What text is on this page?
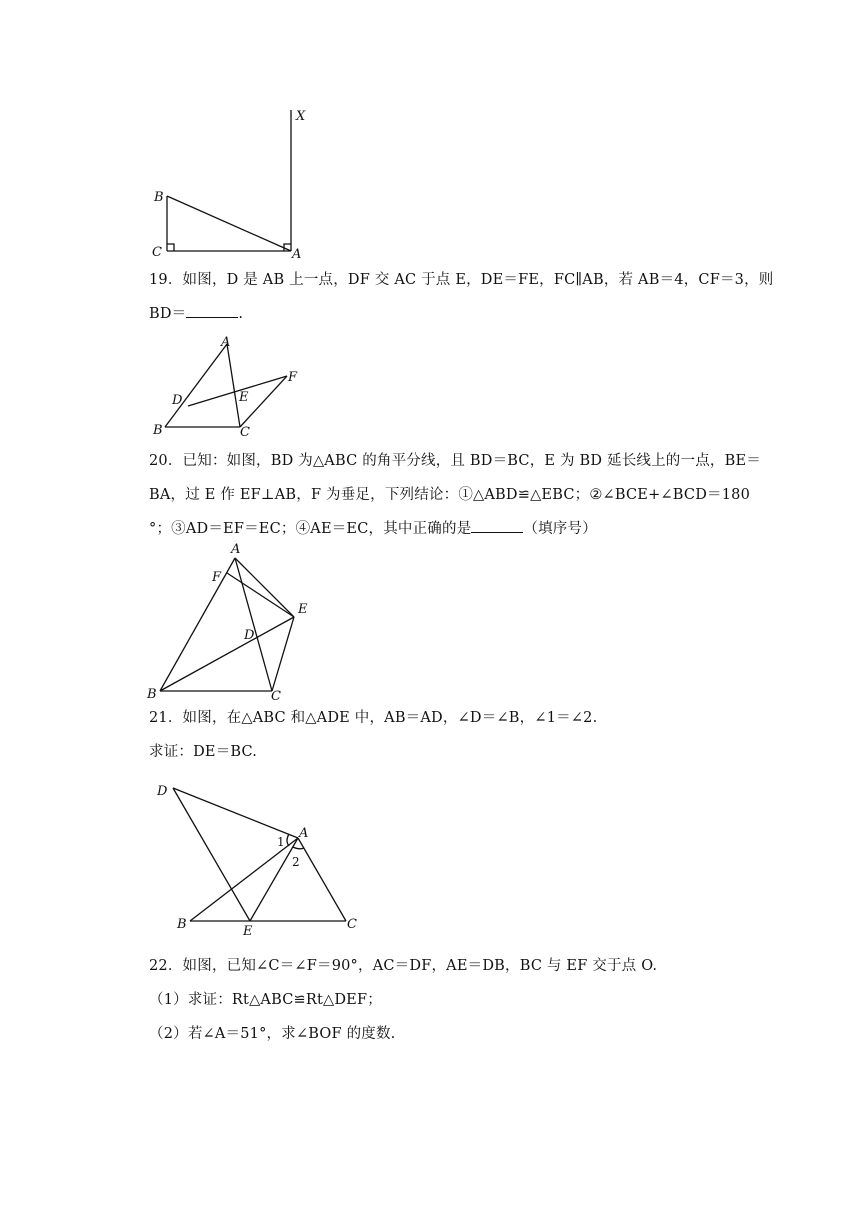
X
B
C	A
19．如图，D 是 AB 上一点，DF 交 AC 于点 E，DE＝FE，FC∥AB，若 AB＝4，CF＝3，则
BD＝	.
A
D	E
F
B	C
20．已知：如图，BD 为△ABC 的角平分线，且 BD＝BC，E 为 BD 延长线上的一点，BE＝
BA，过 E 作 EF⊥AB，F 为垂足，下列结论：①△ABD≌△EBC；②∠BCE+∠BCD＝180
°；③AD＝EF＝EC；④AE＝EC，其中正确的是	（填序号）
A
F
E
D
B	C
21．如图，在△ABC 和△ADE 中，AB＝AD，∠D＝∠B，∠1＝∠2.
求证：DE＝BC.
D
A
1
2
B	E	C
22．如图，已知∠C＝∠F＝90°，AC＝DF，AE＝DB，BC 与 EF 交于点 O.
（1）求证：Rt△ABC≌Rt△DEF；
（2）若∠A＝51°，求∠BOF 的度数.
